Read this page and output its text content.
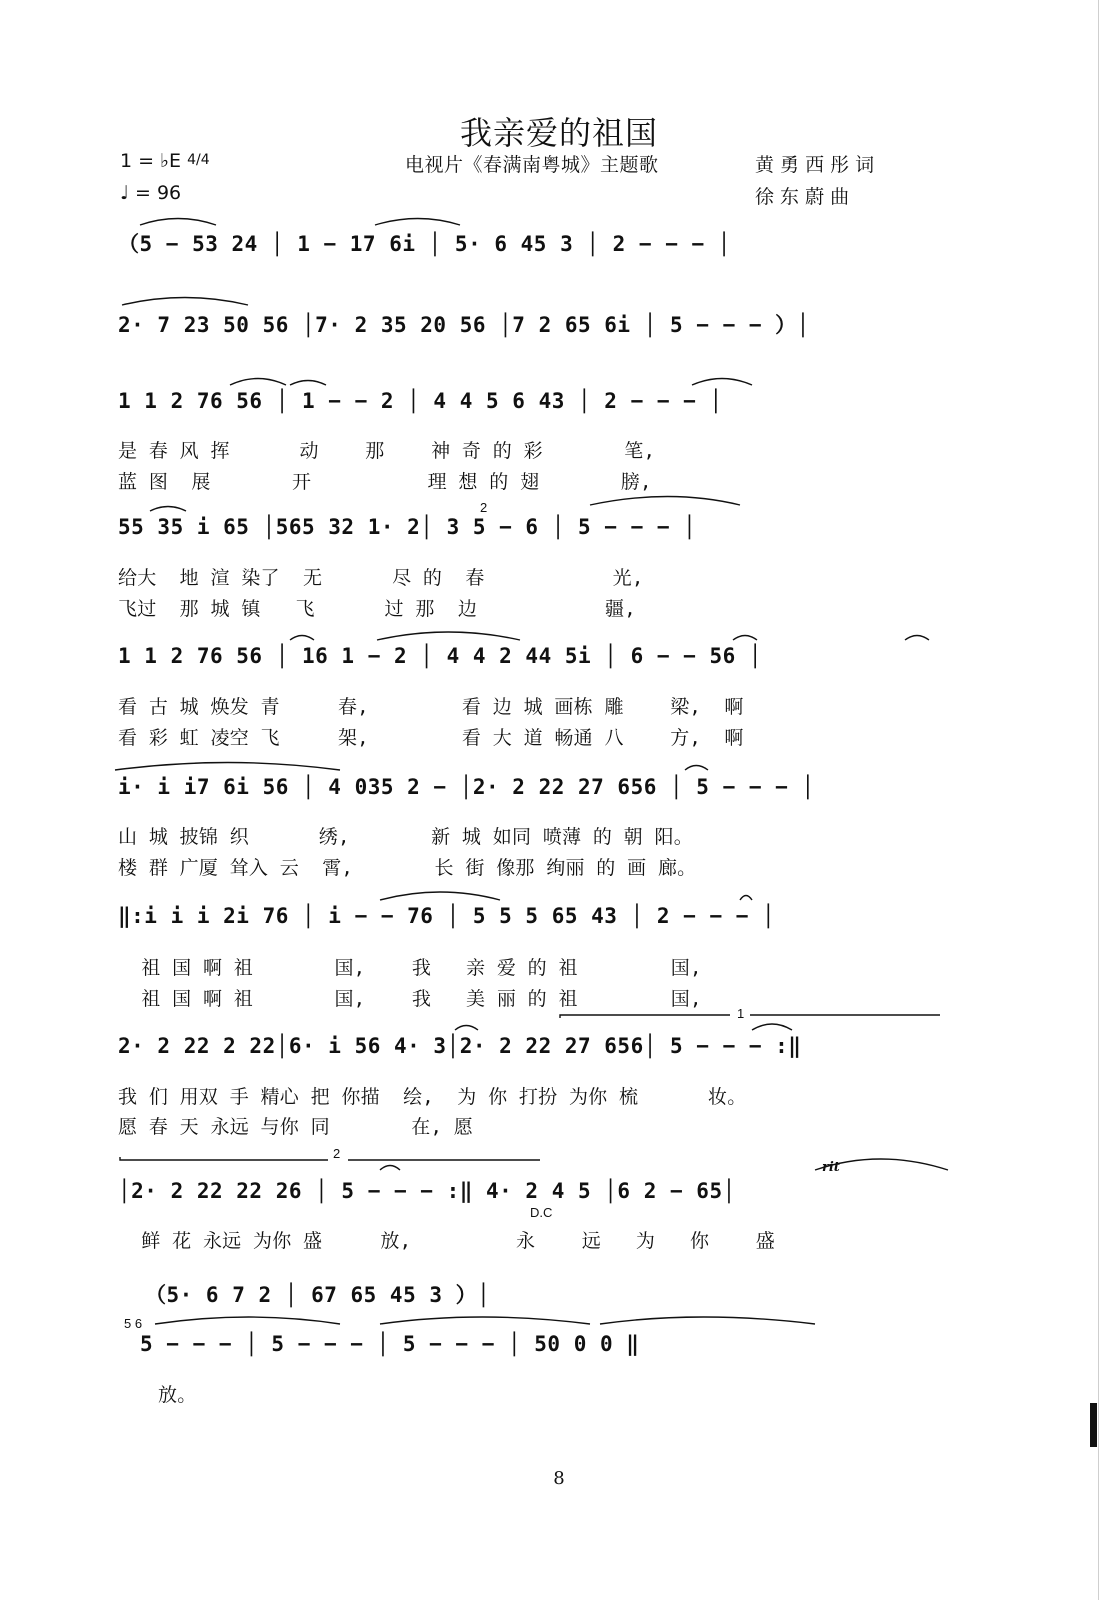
我亲爱的祖国
1 = ♭E 4/4
♩ = 96
电视片《春满南粤城》主题歌	黄 勇 西 彤 词
徐 东 蔚 曲
（5 − 53 24 │ 1 − 17 6i │ 5· 6 45 3 │ 2 − − − │
2· 7 23 50 56 │7· 2 35 20 56 │7 2 65 6i │ 5 − − − ）│
1 1 2 76 56 │ 1 − − 2 │ 4 4 5 6 43 │ 2 − − − │
是 春 风 挥      动    那    神 奇 的 彩       笔,
蓝 图  展       开          理 想 的 翅       膀,
55 35 i 65 │565 32 1· 2│ 3 5 − 6 │ 5 − − − │
给大  地 渲 染了  无      尽 的  春           光,
飞过  那 城 镇   飞      过 那  边           疆,
2
1 1 2 76 56 │ 16 1 − 2 │ 4 4 2 44 5i │ 6 − − 56 │
看 古 城 焕发 青     春,        看 边 城 画栋 雕    梁,  啊
看 彩 虹 凌空 飞     架,        看 大 道 畅通 八    方,  啊
i· i i7 6i 56 │ 4 035 2 − │2· 2 22 27 656 │ 5 − − − │
山 城 披锦 织      绣,       新 城 如同 喷薄 的 朝 阳。
楼 群 广厦 耸入 云  霄,       长 街 像那 绚丽 的 画 廊。
‖:i i i 2i 76 │ i − − 76 │ 5 5 5 65 43 │ 2 − − − │
祖 国 啊 祖       国,    我   亲 爱 的 祖        国,
祖 国 啊 祖       国,    我   美 丽 的 祖        国,
1
2· 2 22 2 22│6· i 56 4· 3│2· 2 22 27 656│ 5 − − − :‖
我 们 用双 手 精心 把 你描  绘,  为 你 打扮 为你 梳      妆。
愿 春 天 永远 与你 同       在, 愿
2
rit
│2· 2 22 22 26 │ 5 − − − :‖ 4· 2 4 5 │6 2 − 65│
D.C
鲜 花 永远 为你 盛     放,         永    远   为   你    盛
（5· 6 7 2 │ 67 65 45 3 ）│
5 6
5 − − − │ 5 − − − │ 5 − − − │ 50 0 0 ‖
放。
8
